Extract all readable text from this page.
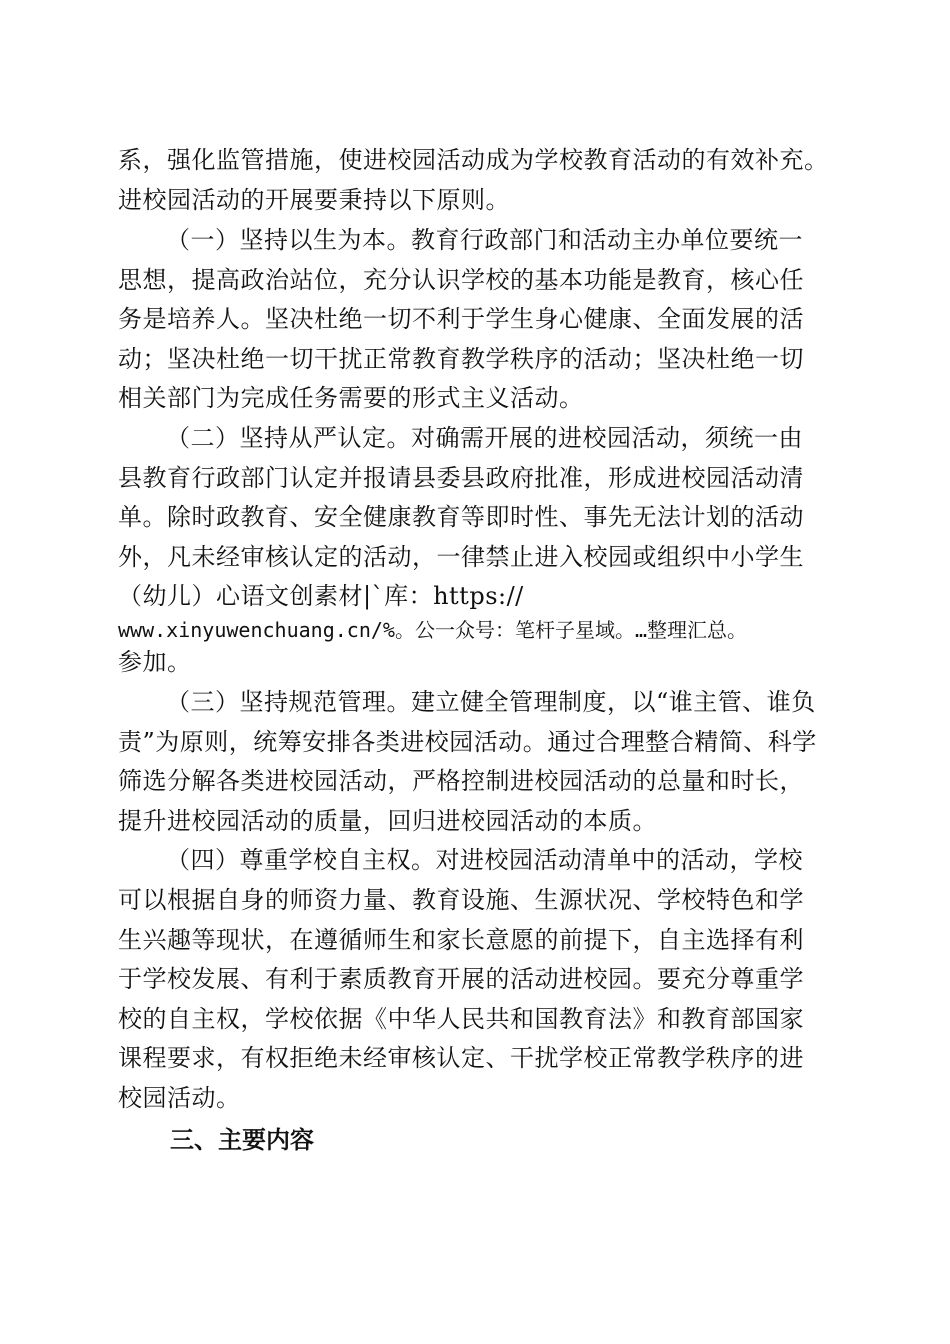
系，强化监管措施，使进校园活动成为学校教育活动的有效补充。
进校园活动的开展要秉持以下原则。
（一）坚持以生为本。教育行政部门和活动主办单位要统一
思想，提高政治站位，充分认识学校的基本功能是教育，核心任
务是培养人。坚决杜绝一切不利于学生身心健康、全面发展的活
动；坚决杜绝一切干扰正常教育教学秩序的活动；坚决杜绝一切
相关部门为完成任务需要的形式主义活动。
（二）坚持从严认定。对确需开展的进校园活动，须统一由
县教育行政部门认定并报请县委县政府批准，形成进校园活动清
单。除时政教育、安全健康教育等即时性、事先无法计划的活动
外，凡未经审核认定的活动，一律禁止进入校园或组织中小学生
（幼儿）心语文创素材|`库：https://
www.xinyuwenchuang.cn/%。公一众号：笔杆子星域。…整理汇总。
参加。
（三）坚持规范管理。建立健全管理制度，以“谁主管、谁负
责”为原则，统筹安排各类进校园活动。通过合理整合精简、科学
筛选分解各类进校园活动，严格控制进校园活动的总量和时长，
提升进校园活动的质量，回归进校园活动的本质。
（四）尊重学校自主权。对进校园活动清单中的活动，学校
可以根据自身的师资力量、教育设施、生源状况、学校特色和学
生兴趣等现状，在遵循师生和家长意愿的前提下，自主选择有利
于学校发展、有利于素质教育开展的活动进校园。要充分尊重学
校的自主权，学校依据《中华人民共和国教育法》和教育部国家
课程要求，有权拒绝未经审核认定、干扰学校正常教学秩序的进
校园活动。
三、主要内容
